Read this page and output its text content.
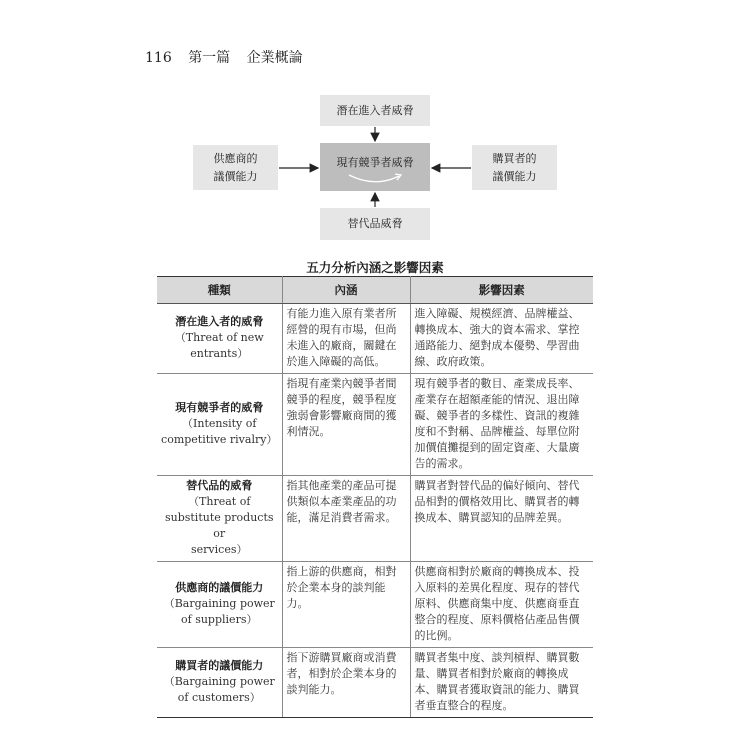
116 第一篇 企業概論
潛在進入者威脅
供應商的
議價能力
現有競爭者威脅	購買者的
議價能力
替代品威脅
五力分析內涵之影響因素
種類	內涵	影響因素

潛在進入者的威脅
（Threat of new
entrants）	有能力進入原有業者所經營的現有市場，但尚未進入的廠商，關鍵在於進入障礙的高低。	進入障礙、規模經濟、品牌權益、轉換成本、強大的資本需求、掌控通路能力、絕對成本優勢、學習曲線、政府政策。

現有競爭者的威脅
（Intensity of
competitive rivalry）	指現有產業內競爭者間競爭的程度，競爭程度強弱會影響廠商間的獲利情況。	現有競爭者的數目、產業成長率、產業存在超額產能的情況、退出障礙、競爭者的多樣性、資訊的複雜度和不對稱、品牌權益、每單位附加價值攤提到的固定資產、大量廣告的需求。

替代品的威脅
（Threat of
substitute products or
services）	指其他產業的產品可提供類似本產業產品的功能，滿足消費者需求。	購買者對替代品的偏好傾向、替代品相對的價格效用比、購買者的轉換成本、購買認知的品牌差異。

供應商的議價能力
（Bargaining power
of suppliers）	指上游的供應商，相對於企業本身的談判能力。	供應商相對於廠商的轉換成本、投入原料的差異化程度、現存的替代原料、供應商集中度、供應商垂直整合的程度、原料價格佔產品售價的比例。

購買者的議價能力
（Bargaining power
of customers）	指下游購買廠商或消費者，相對於企業本身的談判能力。	購買者集中度、談判槓桿、購買數量、購買者相對於廠商的轉換成本、購買者獲取資訊的能力、購買者垂直整合的程度。
